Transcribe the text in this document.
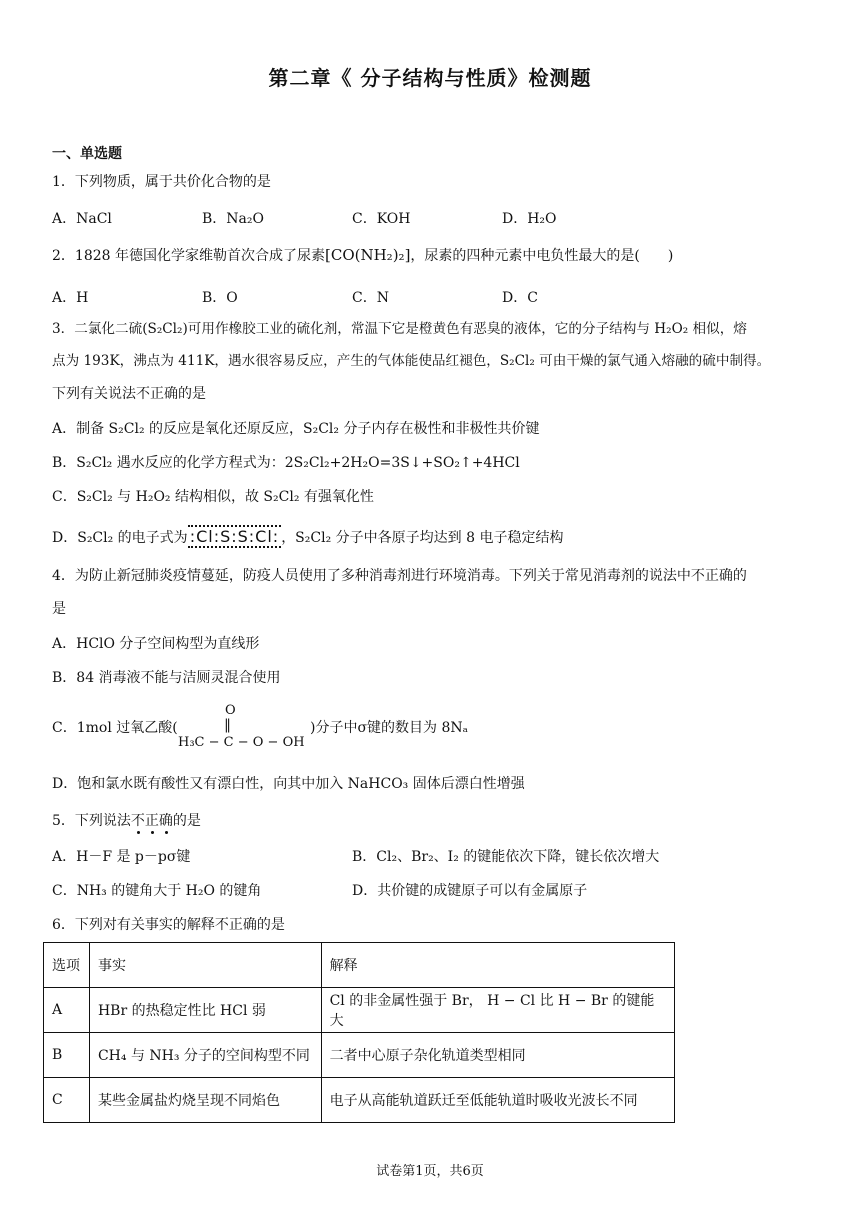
第二章《 分子结构与性质》检测题
一、单选题
1．下列物质，属于共价化合物的是
A．NaCl	B．Na₂O	C．KOH	D．H₂O
2．1828 年德国化学家维勒首次合成了尿素[CO(NH₂)₂]，尿素的四种元素中电负性最大的是(　　)
A．H	B．O	C．N	D．C
3．二氯化二硫(S₂Cl₂)可用作橡胶工业的硫化剂，常温下它是橙黄色有恶臭的液体，它的分子结构与 H₂O₂ 相似，熔
点为 193K，沸点为 411K，遇水很容易反应，产生的气体能使品红褪色，S₂Cl₂ 可由干燥的氯气通入熔融的硫中制得。
下列有关说法不正确的是
A．制备 S₂Cl₂ 的反应是氧化还原反应，S₂Cl₂ 分子内存在极性和非极性共价键
B．S₂Cl₂ 遇水反应的化学方程式为：2S₂Cl₂+2H₂O=3S↓+SO₂↑+4HCl
C．S₂Cl₂ 与 H₂O₂ 结构相似，故 S₂Cl₂ 有强氧化性
D．S₂Cl₂ 的电子式为 :Cl:S:S:Cl: ，S₂Cl₂ 分子中各原子均达到 8 电子稳定结构
4．为防止新冠肺炎疫情蔓延，防疫人员使用了多种消毒剂进行环境消毒。下列关于常见消毒剂的说法中不正确的
是
A．HClO 分子空间构型为直线形
B．84 消毒液不能与洁厕灵混合使用
C．1mol 过氧乙酸(
O
‖
H₃C − C − O − OH
)分子中σ键的数目为 8Nₐ
D．饱和氯水既有酸性又有漂白性，向其中加入 NaHCO₃ 固体后漂白性增强
5．下列说法不正确的是
A．H－F 是 p－pσ键	B．Cl₂、Br₂、I₂ 的键能依次下降，键长依次增大
C．NH₃ 的键角大于 H₂O 的键角	D．共价键的成键原子可以有金属原子
6．下列对有关事实的解释不正确的是
选项	事实	解释
A	HBr 的热稳定性比 HCl 弱	Cl 的非金属性强于 Br， H − Cl 比 H − Br 的键能大
B	CH₄ 与 NH₃ 分子的空间构型不同	二者中心原子杂化轨道类型相同
C	某些金属盐灼烧呈现不同焰色	电子从高能轨道跃迁至低能轨道时吸收光波长不同
试卷第1页，共6页
